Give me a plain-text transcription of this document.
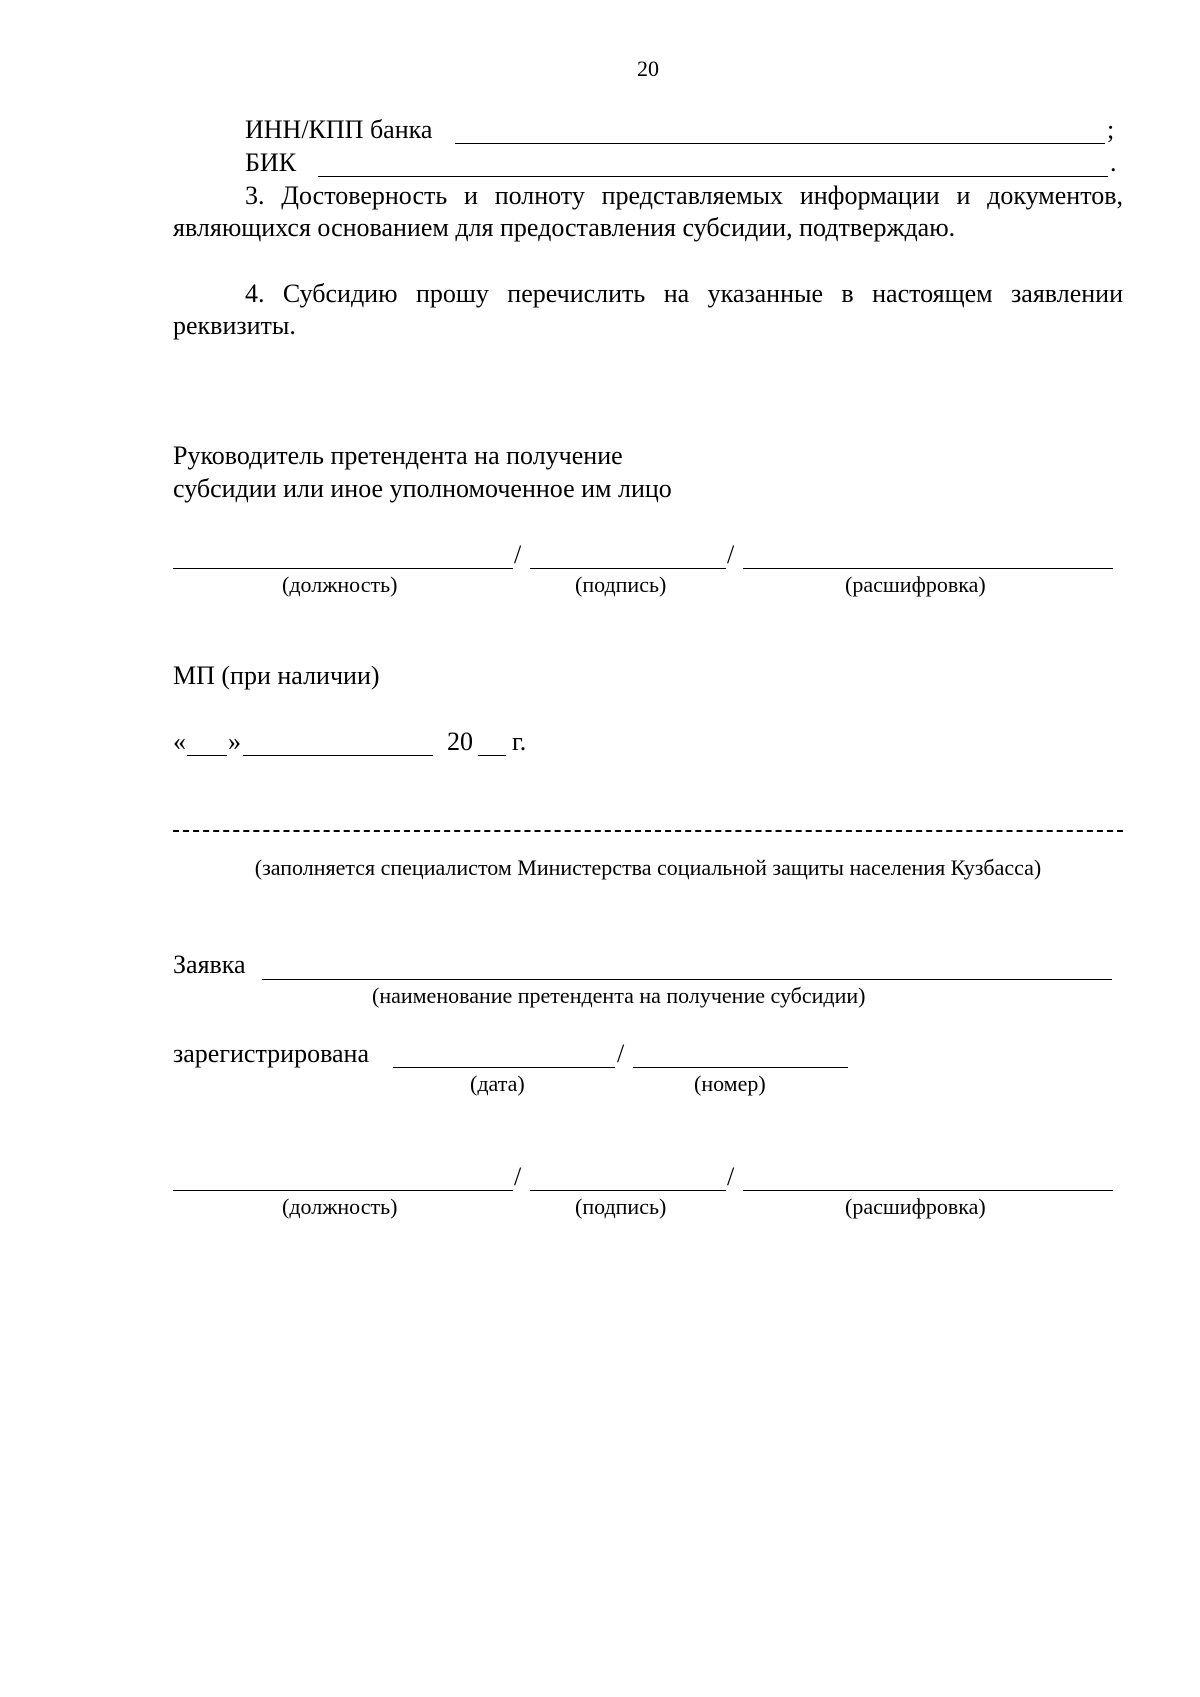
20
ИНН/КПП банка	;
БИК	.
3. Достоверность и полноту представляемых информации и документов, являющихся основанием для предоставления субсидии, подтверждаю.
4. Субсидию прошу перечислить на указанные в настоящем заявлении реквизиты.
Руководитель претендента на получение
субсидии или иное уполномоченное им лицо
/	/
(должность)	(подпись)	(расшифровка)
МП (при наличии)
« »	20 г.
(заполняется специалистом Министерства социальной защиты населения Кузбасса)
Заявка
(наименование претендента на получение субсидии)
зарегистрирована	/
(дата)	(номер)
/	/
(должность)	(подпись)	(расшифровка)
